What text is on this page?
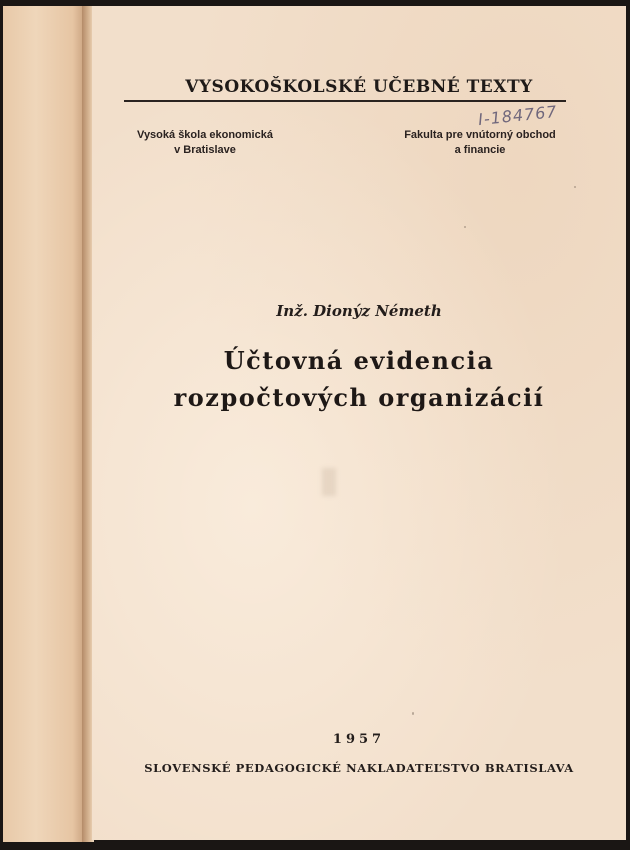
VYSOKOŠKOLSKÉ UČEBNÉ TEXTY
Vysoká škola ekonomická
v Bratislave
I-184767
Fakulta pre vnútorný obchod
a financie
Inž. Dionýz Németh
Účtovná evidencia
rozpočtových organizácií
1957
SLOVENSKÉ PEDAGOGICKÉ NAKLADATEĽSTVO BRATISLAVA
